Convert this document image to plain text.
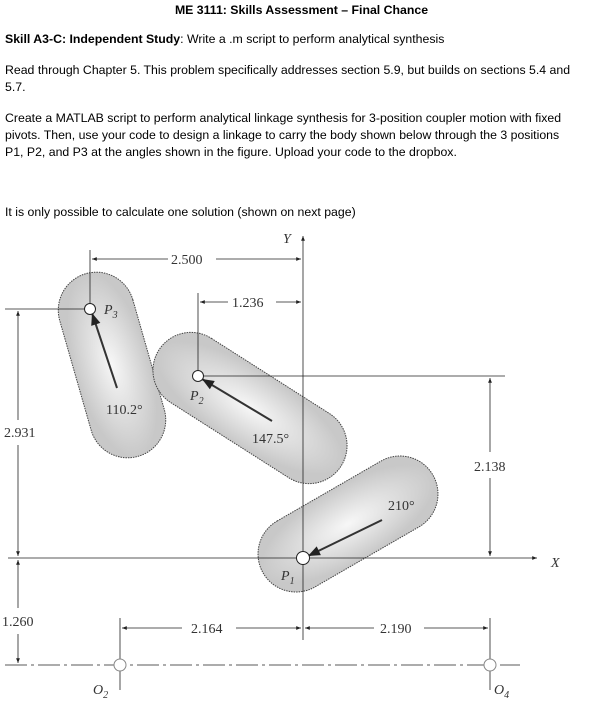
ME 3111: Skills Assessment – Final Chance
Skill A3-C: Independent Study: Write a .m script to perform analytical synthesis
Read through Chapter 5. This problem specifically addresses section 5.9, but builds on sections 5.4 and
5.7.
Create a MATLAB script to perform analytical linkage synthesis for 3-position coupler motion with fixed
pivots. Then, use your code to design a linkage to carry the body shown below through the 3 positions
P1, P2, and P3 at the angles shown in the figure. Upload your code to the dropbox.
It is only possible to calculate one solution (shown on next page)
Y
X
$P_3$
$P_2$
$P_1$
$O_2$	$O_4$
110.2°
147.5°
210°
2.500
1.236
2.931
2.138
1.260	2.164	2.190
